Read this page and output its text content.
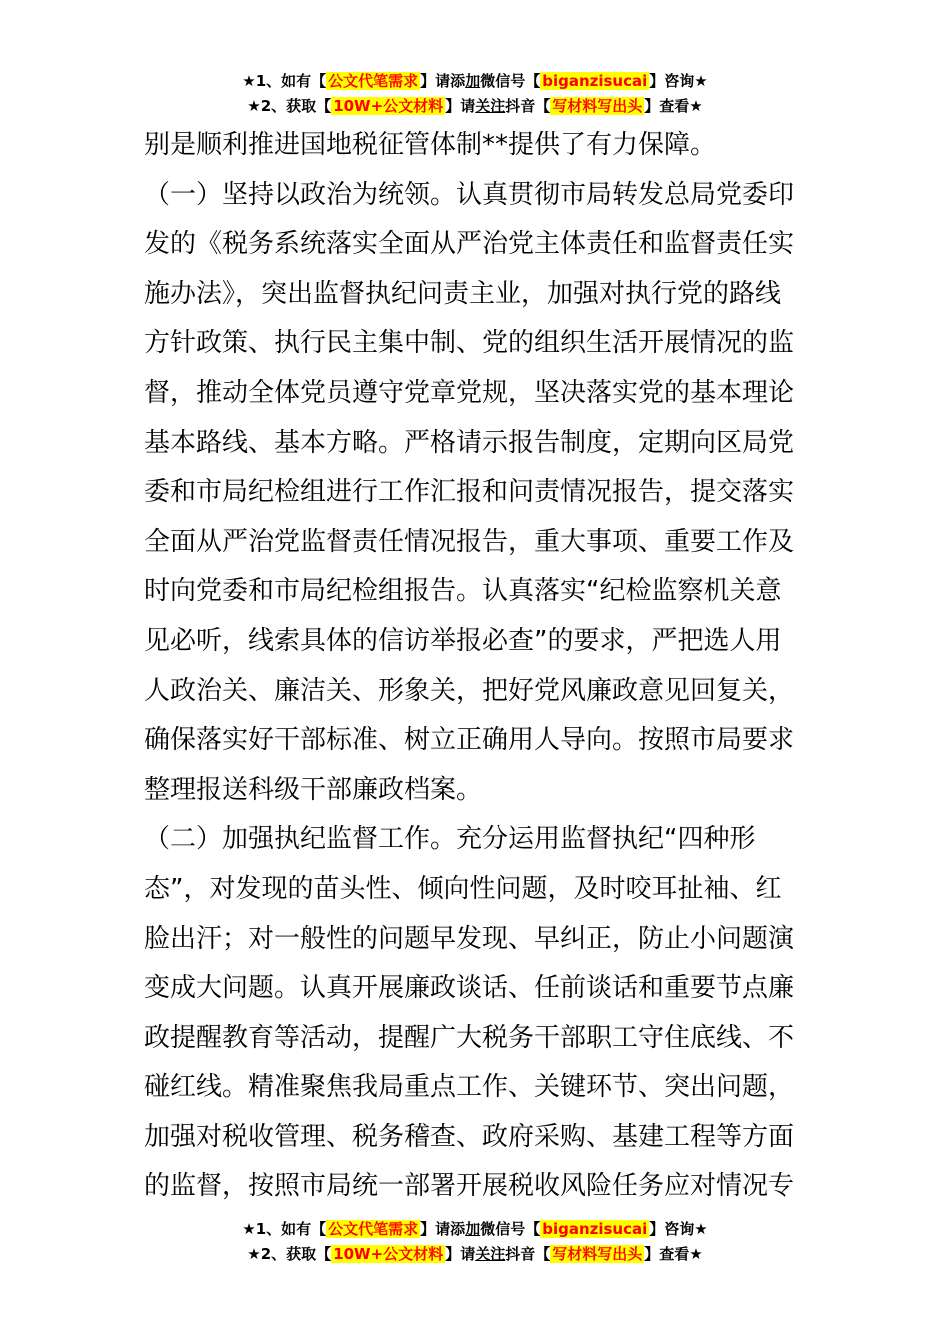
★1、如有【 公文代笔需求 】请添加微信号【 biganzisucai 】咨询★
★2、获取【 10W+公文材料 】请关注抖音【 写材料写出头 】查看★
别是顺利推进国地税征管体制**提供了有力保障。
（一）坚持以政治为统领。认真贯彻市局转发总局党委印
发的《税务系统落实全面从严治党主体责任和监督责任实
施办法》，突出监督执纪问责主业，加强对执行党的路线
方针政策、执行民主集中制、党的组织生活开展情况的监
督，推动全体党员遵守党章党规，坚决落实党的基本理论
基本路线、基本方略。严格请示报告制度，定期向区局党
委和市局纪检组进行工作汇报和问责情况报告，提交落实
全面从严治党监督责任情况报告，重大事项、重要工作及
时向党委和市局纪检组报告。认真落实“纪检监察机关意
见必听，线索具体的信访举报必查”的要求，严把选人用
人政治关、廉洁关、形象关，把好党风廉政意见回复关，
确保落实好干部标准、树立正确用人导向。按照市局要求
整理报送科级干部廉政档案。
（二）加强执纪监督工作。充分运用监督执纪“四种形
态”，对发现的苗头性、倾向性问题，及时咬耳扯袖、红
脸出汗；对一般性的问题早发现、早纠正，防止小问题演
变成大问题。认真开展廉政谈话、任前谈话和重要节点廉
政提醒教育等活动，提醒广大税务干部职工守住底线、不
碰红线。精准聚焦我局重点工作、关键环节、突出问题，
加强对税收管理、税务稽查、政府采购、基建工程等方面
的监督，按照市局统一部署开展税收风险任务应对情况专
★1、如有【 公文代笔需求 】请添加微信号【 biganzisucai 】咨询★
★2、获取【 10W+公文材料 】请关注抖音【 写材料写出头 】查看★
